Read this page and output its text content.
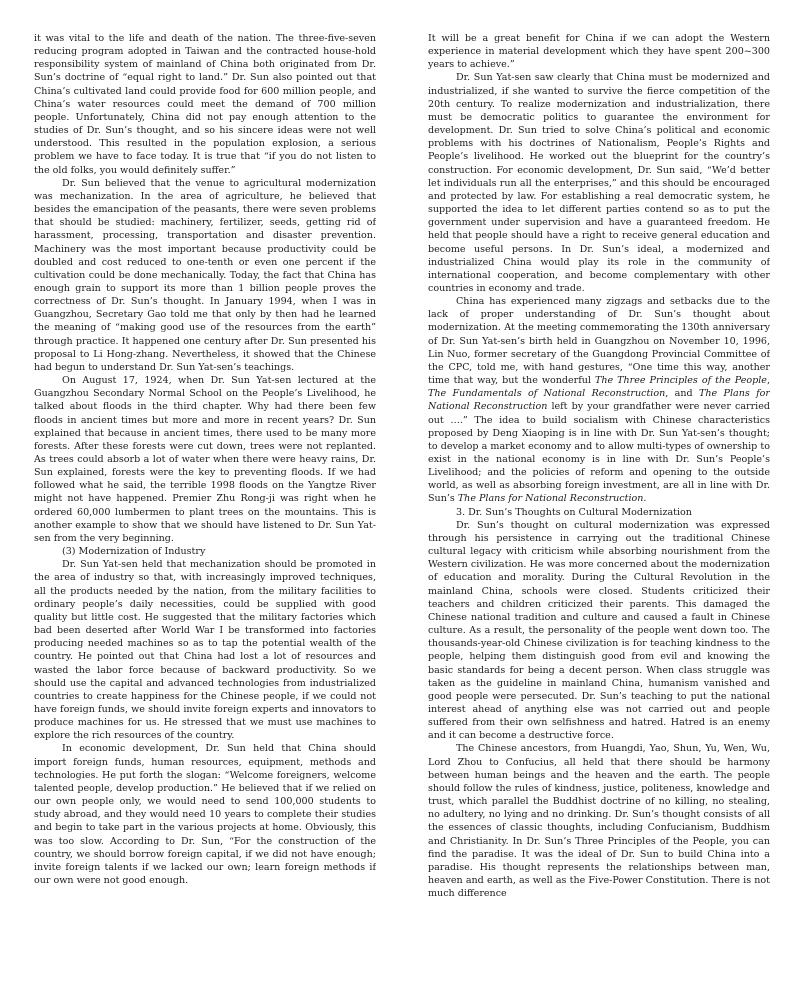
it was vital to the life and death of the nation. The three-five-seven reducing program adopted in Taiwan and the contracted house-hold responsibility system of mainland of China both originated from Dr. Sun’s doctrine of “equal right to land.” Dr. Sun also pointed out that China’s cultivated land could provide food for 600 million people, and China’s water resources could meet the demand of 700 million people. Unfortunately, China did not pay enough attention to the studies of Dr. Sun’s thought, and so his sincere ideas were not well understood. This resulted in the population explosion, a serious problem we have to face today. It is true that “if you do not listen to the old folks, you would definitely suffer.”

Dr. Sun believed that the venue to agricultural modernization was mechanization. In the area of agriculture, he believed that besides the emancipation of the peasants, there were seven problems that should be studied: machinery, fertilizer, seeds, getting rid of harassment, processing, transportation and disaster prevention. Machinery was the most important because productivity could be doubled and cost reduced to one-tenth or even one percent if the cultivation could be done mechanically. Today, the fact that China has enough grain to support its more than 1 billion people proves the correctness of Dr. Sun’s thought. In January 1994, when I was in Guangzhou, Secretary Gao told me that only by then had he learned the meaning of “making good use of the resources from the earth” through practice. It happened one century after Dr. Sun presented his proposal to Li Hong-zhang. Nevertheless, it showed that the Chinese had begun to understand Dr. Sun Yat-sen’s teachings.

On August 17, 1924, when Dr. Sun Yat-sen lectured at the Guangzhou Secondary Normal School on the People’s Livelihood, he talked about floods in the third chapter. Why had there been few floods in ancient times but more and more in recent years? Dr. Sun explained that because in ancient times, there used to be many more forests. After these forests were cut down, trees were not replanted. As trees could absorb a lot of water when there were heavy rains, Dr. Sun explained, forests were the key to preventing floods. If we had followed what he said, the terrible 1998 floods on the Yangtze River might not have happened. Premier Zhu Rong-ji was right when he ordered 60,000 lumbermen to plant trees on the mountains. This is another example to show that we should have listened to Dr. Sun Yat-sen from the very beginning.

(3) Modernization of Industry

Dr. Sun Yat-sen held that mechanization should be promoted in the area of industry so that, with increasingly improved techniques, all the products needed by the nation, from the military facilities to ordinary people’s daily necessities, could be supplied with good quality but little cost. He suggested that the military factories which bad been deserted after World War I be transformed into factories producing needed machines so as to tap the potential wealth of the country. He pointed out that China had lost a lot of resources and wasted the labor force because of backward productivity. So we should use the capital and advanced technologies from industrialized countries to create happiness for the Chinese people, if we could not have foreign funds, we should invite foreign experts and innovators to produce machines for us. He stressed that we must use machines to explore the rich resources of the country.

In economic development, Dr. Sun held that China should import foreign funds, human resources, equipment, methods and technologies. He put forth the slogan: “Welcome foreigners, welcome talented people, develop production.” He believed that if we relied on our own people only, we would need to send 100,000 students to study abroad, and they would need 10 years to complete their studies and begin to take part in the various projects at home. Obviously, this was too slow. According to Dr. Sun, “For the construction of the country, we should borrow foreign capital, if we did not have enough; invite foreign talents if we lacked our own; learn foreign methods if our own were not good enough.

It will be a great benefit for China if we can adopt the Western experience in material development which they have spent 200~300 years to achieve.”

Dr. Sun Yat-sen saw clearly that China must be modernized and industrialized, if she wanted to survive the fierce competition of the 20th century. To realize modernization and industrialization, there must be democratic politics to guarantee the environment for development. Dr. Sun tried to solve China’s political and economic problems with his doctrines of Nationalism, People’s Rights and People’s livelihood. He worked out the blueprint for the country’s construction. For economic development, Dr. Sun said, “We’d better let individuals run all the enterprises,” and this should be encouraged and protected by law. For establishing a real democratic system, he supported the idea to let different parties contend so as to put the government under supervision and have a guaranteed freedom. He held that people should have a right to receive general education and become useful persons. In Dr. Sun’s ideal, a modernized and industrialized China would play its role in the community of international cooperation, and become complementary with other countries in economy and trade.

China has experienced many zigzags and setbacks due to the lack of proper understanding of Dr. Sun’s thought about modernization. At the meeting commemorating the 130th anniversary of Dr. Sun Yat-sen’s birth held in Guangzhou on November 10, 1996, Lin Nuo, former secretary of the Guangdong Provincial Committee of the CPC, told me, with hand gestures, “One time this way, another time that way, but the wonderful The Three Principles of the People, The Fundamentals of National Reconstruction, and The Plans for National Reconstruction left by your grandfather were never carried out ….” The idea to build socialism with Chinese characteristics proposed by Deng Xiaoping is in line with Dr. Sun Yat-sen’s thought; to develop a market economy and to allow multi-types of ownership to exist in the national economy is in line with Dr. Sun’s People’s Livelihood; and the policies of reform and opening to the outside world, as well as absorbing foreign investment, are all in line with Dr. Sun’s The Plans for National Reconstruction.

3. Dr. Sun’s Thoughts on Cultural Modernization

Dr. Sun’s thought on cultural modernization was expressed through his persistence in carrying out the traditional Chinese cultural legacy with criticism while absorbing nourishment from the Western civilization. He was more concerned about the modernization of education and morality. During the Cultural Revolution in the mainland China, schools were closed. Students criticized their teachers and children criticized their parents. This damaged the Chinese national tradition and culture and caused a fault in Chinese culture. As a result, the personality of the people went down too. The thousands-year-old Chinese civilization is for teaching kindness to the people, helping them distinguish good from evil and knowing the basic standards for being a decent person. When class struggle was taken as the guideline in mainland China, humanism vanished and good people were persecuted. Dr. Sun’s teaching to put the national interest ahead of anything else was not carried out and people suffered from their own selfishness and hatred. Hatred is an enemy and it can become a destructive force.

The Chinese ancestors, from Huangdi, Yao, Shun, Yu, Wen, Wu, Lord Zhou to Confucius, all held that there should be harmony between human beings and the heaven and the earth. The people should follow the rules of kindness, justice, politeness, knowledge and trust, which parallel the Buddhist doctrine of no killing, no stealing, no adultery, no lying and no drinking. Dr. Sun’s thought consists of all the essences of classic thoughts, including Confucianism, Buddhism and Christianity. In Dr. Sun’s Three Principles of the People, you can find the paradise. It was the ideal of Dr. Sun to build China into a paradise. His thought represents the relationships between man, heaven and earth, as well as the Five-Power Constitution. There is not much difference
